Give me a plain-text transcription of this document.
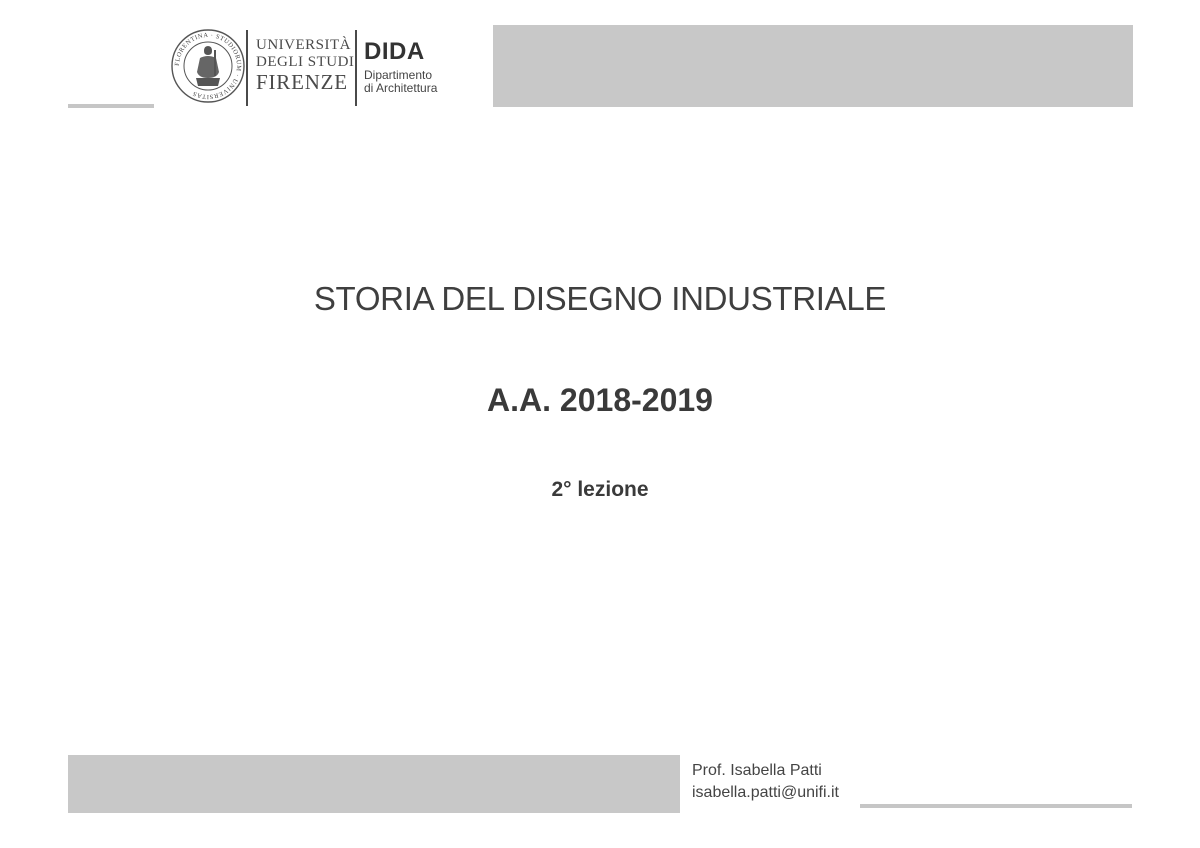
FLORENTINA · STUDIORUM · UNIVERSITAS
UNIVERSITÀ
DEGLI STUDI
FIRENZE
DIDA
Dipartimento
di Architettura
STORIA DEL DISEGNO INDUSTRIALE
A.A. 2018-2019
2° lezione
Prof. Isabella Patti
isabella.patti@unifi.it
